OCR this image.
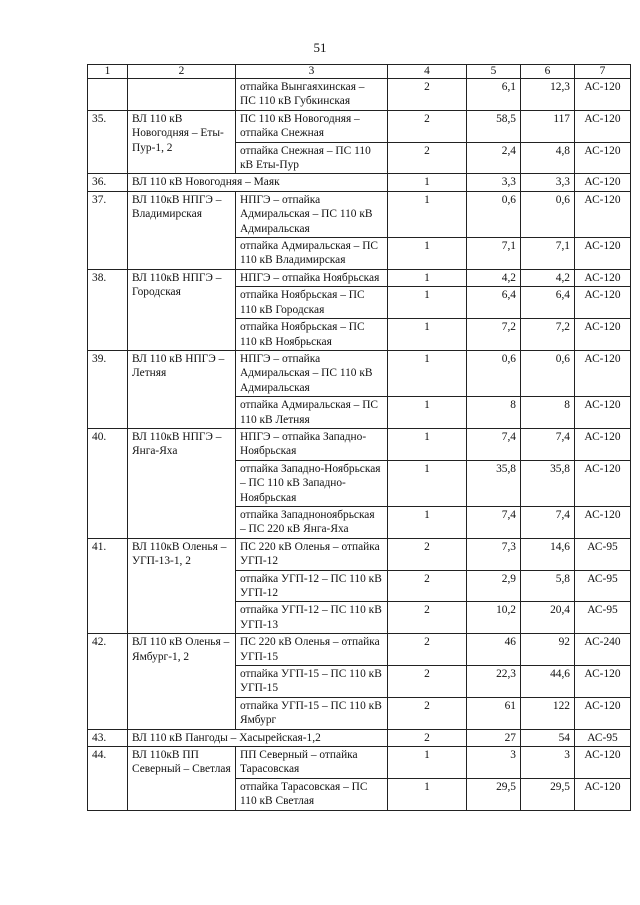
51
1	2	3	4	5	6	7
		отпайка Вынгаяхинская – ПС 110 кВ Губкинская	2	6,1	12,3	АС-120
35.	ВЛ 110 кВ Новогодняя – Еты-Пур-1, 2	ПС 110 кВ Новогодняя – отпайка Снежная	2	58,5	117	АС-120
		отпайка Снежная – ПС 110 кВ Еты-Пур	2	2,4	4,8	АС-120
36.	ВЛ 110 кВ Новогодняя – Маяк		1	3,3	3,3	АС-120
37.	ВЛ 110кВ НПГЭ – Владимирская	НПГЭ – отпайка Адмиральская – ПС 110 кВ Адмиральская	1	0,6	0,6	АС-120
		отпайка Адмиральская – ПС 110 кВ Владимирская	1	7,1	7,1	АС-120
38.	ВЛ 110кВ НПГЭ – Городская	НПГЭ – отпайка Ноябрьская	1	4,2	4,2	АС-120
		отпайка Ноябрьская – ПС 110 кВ Городская	1	6,4	6,4	АС-120
		отпайка Ноябрьская – ПС 110 кВ Ноябрьская	1	7,2	7,2	АС-120
39.	ВЛ 110 кВ НПГЭ – Летняя	НПГЭ – отпайка Адмиральская – ПС 110 кВ Адмиральская	1	0,6	0,6	АС-120
		отпайка Адмиральская – ПС 110 кВ Летняя	1	8	8	АС-120
40.	ВЛ 110кВ НПГЭ – Янга-Яха	НПГЭ – отпайка Западно-Ноябрьская	1	7,4	7,4	АС-120
		отпайка Западно-Ноябрьская – ПС 110 кВ Западно-Ноябрьская	1	35,8	35,8	АС-120
		отпайка Западноноябрьская – ПС 220 кВ Янга-Яха	1	7,4	7,4	АС-120
41.	ВЛ 110кВ Оленья – УГП-13-1, 2	ПС 220 кВ Оленья – отпайка УГП-12	2	7,3	14,6	АС-95
		отпайка УГП-12 – ПС 110 кВ УГП-12	2	2,9	5,8	АС-95
		отпайка УГП-12 – ПС 110 кВ УГП-13	2	10,2	20,4	АС-95
42.	ВЛ 110 кВ Оленья – Ямбург-1, 2	ПС 220 кВ Оленья – отпайка УГП-15	2	46	92	АС-240
		отпайка УГП-15 – ПС 110 кВ УГП-15	2	22,3	44,6	АС-120
		отпайка УГП-15 – ПС 110 кВ Ямбург	2	61	122	АС-120
43.	ВЛ 110 кВ Пангоды – Хасырейская-1,2		2	27	54	АС-95
44.	ВЛ 110кВ ПП Северный – Светлая	ПП Северный – отпайка Тарасовская	1	3	3	АС-120
		отпайка Тарасовская – ПС 110 кВ Светлая	1	29,5	29,5	АС-120
